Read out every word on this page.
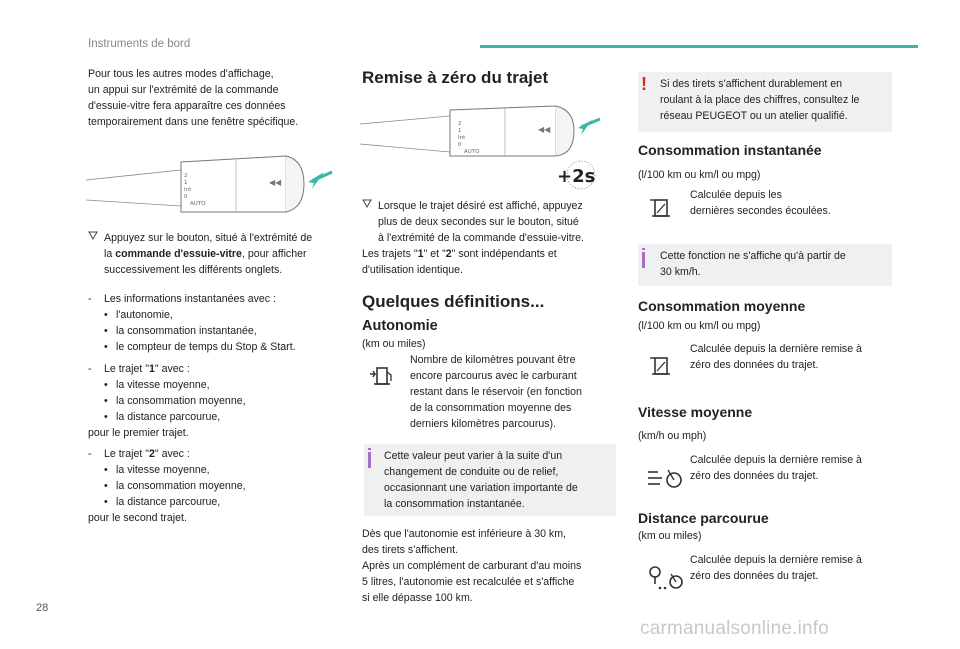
Instruments de bord
Pour tous les autres modes d'affichage,
un appui sur l'extrémité de la commande
d'essuie-vitre fera apparaître ces données
temporairement dans une fenêtre spécifique.
◀◀
2
1
Int
0
AUTO
Appuyez sur le bouton, situé à l'extrémité de
la commande d'essuie-vitre, pour afficher
successivement les différents onglets.
- Les informations instantanées avec :
• l'autonomie,
• la consommation instantanée,
• le compteur de temps du Stop & Start.
- Le trajet "1" avec :
• la vitesse moyenne,
• la consommation moyenne,
• la distance parcourue,
pour le premier trajet.
- Le trajet "2" avec :
• la vitesse moyenne,
• la consommation moyenne,
• la distance parcourue,
pour le second trajet.
Remise à zéro du trajet
◀◀
2
1
Int
0
AUTO
+2s
Lorsque le trajet désiré est affiché, appuyez
plus de deux secondes sur le bouton, situé
à l'extrémité de la commande d'essuie-vitre.
Les trajets "1" et "2" sont indépendants et
d'utilisation identique.
Quelques définitions...
Autonomie
(km ou miles)
Nombre de kilomètres pouvant être
encore parcourus avec le carburant
restant dans le réservoir (en fonction
de la consommation moyenne des
derniers kilomètres parcourus).
Cette valeur peut varier à la suite d'un
changement de conduite ou de relief,
occasionnant une variation importante de
la consommation instantanée.
Dès que l'autonomie est inférieure à 30 km,
des tirets s'affichent.
Après un complément de carburant d'au moins
5 litres, l'autonomie est recalculée et s'affiche
si elle dépasse 100 km.
! Si des tirets s'affichent durablement en
roulant à la place des chiffres, consultez le
réseau PEUGEOT ou un atelier qualifié.
Consommation instantanée
(l/100 km ou km/l ou mpg)
Calculée depuis les
dernières secondes écoulées.
Cette fonction ne s'affiche qu'à partir de
30 km/h.
Consommation moyenne
(l/100 km ou km/l ou mpg)
Calculée depuis la dernière remise à
zéro des données du trajet.
Vitesse moyenne
(km/h ou mph)
Calculée depuis la dernière remise à
zéro des données du trajet.
Distance parcourue
(km ou miles)
Calculée depuis la dernière remise à
zéro des données du trajet.
28
carmanualsonline.info
